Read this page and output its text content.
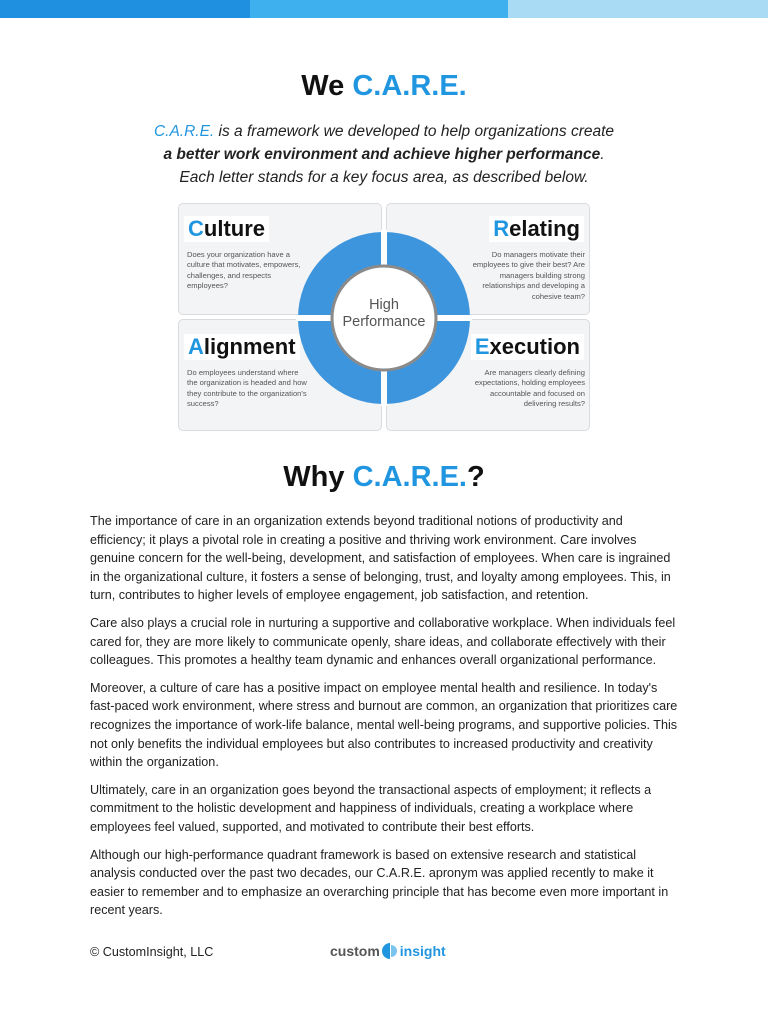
We C.A.R.E.
C.A.R.E. is a framework we developed to help organizations create
a better work environment and achieve higher performance.
Each letter stands for a key focus area, as described below.
Culture
Does your organization have a culture that motivates, empowers, challenges, and respects employees?
Relating
Do managers motivate their employees to give their best? Are managers building strong relationships and developing a cohesive team?
Alignment
Do employees understand where the organization is headed and how they contribute to the organization's success?
Execution
Are managers clearly defining expectations, holding employees accountable and focused on delivering results?
High
Performance
Why C.A.R.E.?

The importance of care in an organization extends beyond traditional notions of productivity and efficiency; it plays a pivotal role in creating a positive and thriving work environment. Care involves genuine concern for the well-being, development, and satisfaction of employees. When care is ingrained in the organizational culture, it fosters a sense of belonging, trust, and loyalty among employees. This, in turn, contributes to higher levels of employee engagement, job satisfaction, and retention.

Care also plays a crucial role in nurturing a supportive and collaborative workplace. When individuals feel cared for, they are more likely to communicate openly, share ideas, and collaborate effectively with their colleagues. This promotes a healthy team dynamic and enhances overall organizational performance.

Moreover, a culture of care has a positive impact on employee mental health and resilience. In today's fast-paced work environment, where stress and burnout are common, an organization that prioritizes care recognizes the importance of work-life balance, mental well-being programs, and supportive policies. This not only benefits the individual employees but also contributes to increased productivity and creativity within the organization.

Ultimately, care in an organization goes beyond the transactional aspects of employment; it reflects a commitment to the holistic development and happiness of individuals, creating a workplace where employees feel valued, supported, and motivated to contribute their best efforts.

Although our high-performance quadrant framework is based on extensive research and statistical analysis conducted over the past two decades, our C.A.R.E. apronym was applied recently to make it easier to remember and to emphasize an overarching principle that has become even more important in recent years.

© CustomInsight, LLC	custom insight
